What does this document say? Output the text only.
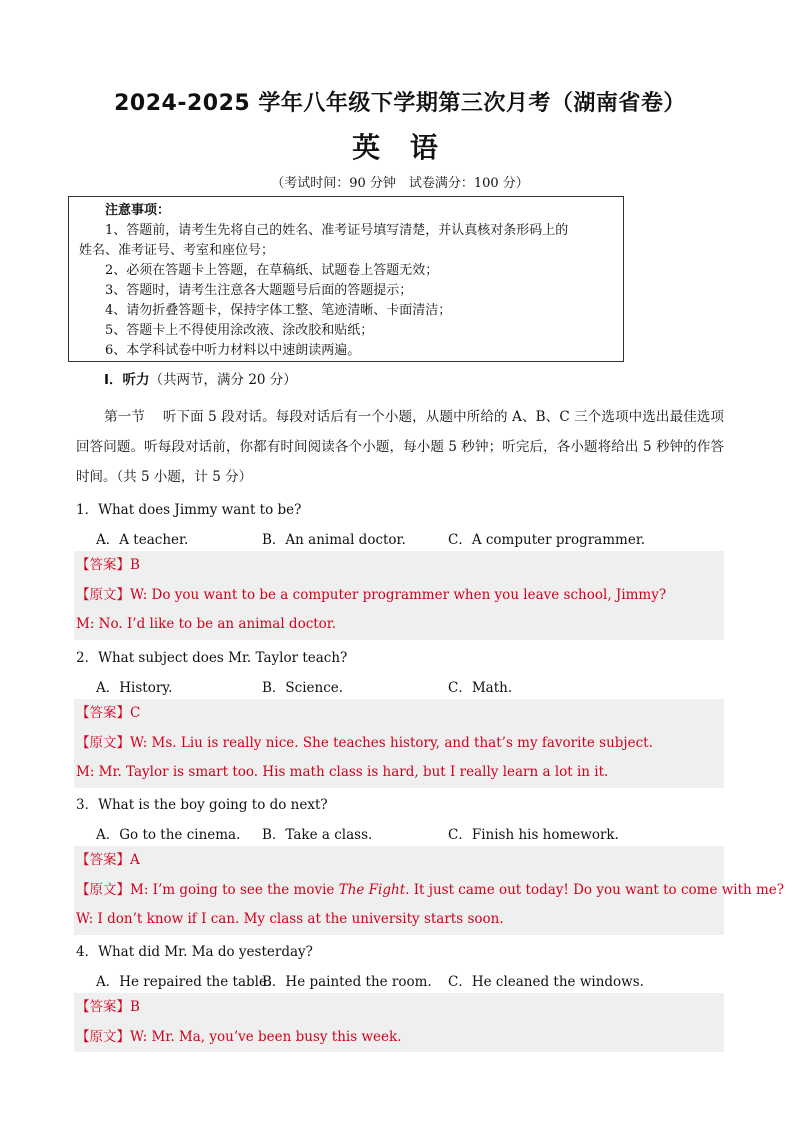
2024-2025 学年八年级下学期第三次月考（湖南省卷）
英 语
（考试时间：90 分钟　试卷满分：100 分）
注意事项：
1、答题前，请考生先将自己的姓名、准考证号填写清楚，并认真核对条形码上的
姓名、准考证号、考室和座位号；
2、必须在答题卡上答题，在草稿纸、试题卷上答题无效；
3、答题时，请考生注意各大题题号后面的答题提示；
4、请勿折叠答题卡，保持字体工整、笔迹清晰、卡面清洁；
5、答题卡上不得使用涂改液、涂改胶和贴纸；
6、本学科试卷中听力材料以中速朗读两遍。
I．听力（共两节，满分 20 分）
第一节 听下面 5 段对话。每段对话后有一个小题，从题中所给的 A、B、C 三个选项中选出最佳选项回答问题。听每段对话前，你都有时间阅读各个小题，每小题 5 秒钟；听完后，各小题将给出 5 秒钟的作答时间。（共 5 小题，计 5 分）
1．What does Jimmy want to be?
A．A teacher.	B．An animal doctor.	C．A computer programmer.
【答案】B
【原文】W: Do you want to be a computer programmer when you leave school, Jimmy?
M: No. I’d like to be an animal doctor.
2．What subject does Mr. Taylor teach?
A．History.	B．Science.	C．Math.
【答案】C
【原文】W: Ms. Liu is really nice. She teaches history, and that’s my favorite subject.
M: Mr. Taylor is smart too. His math class is hard, but I really learn a lot in it.
3．What is the boy going to do next?
A．Go to the cinema. B．Take a class.	C．Finish his homework.
【答案】A
【原文】M: I’m going to see the movie The Fight. It just came out today! Do you want to come with me?
W: I don’t know if I can. My class at the university starts soon.
4．What did Mr. Ma do yesterday?
A．He repaired the table.
B．He painted the room. C．He cleaned the windows.
【答案】B
【原文】W: Mr. Ma, you’ve been busy this week.
